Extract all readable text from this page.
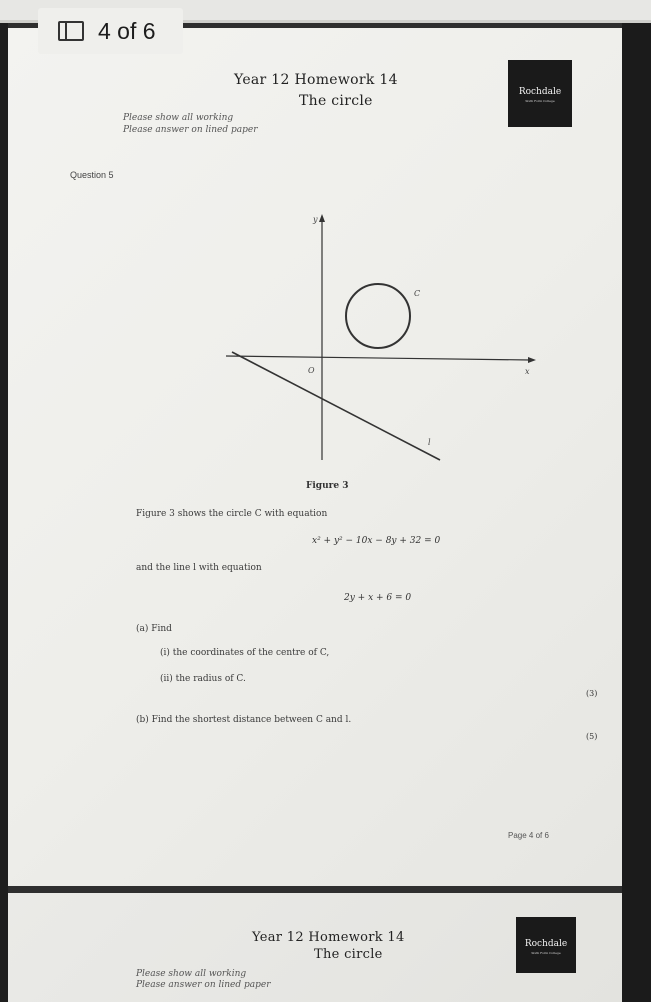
4 of 6
Year 12 Homework 14
The circle
Please show all working
Please answer on lined paper
Rochdale
Sixth Form College
Question 5
y
x
O
C
l
Figure 3
Figure 3 shows the circle C with equation
x² + y² − 10x − 8y + 32 = 0
and the line l with equation
2y + x + 6 = 0
(a) Find
(i) the coordinates of the centre of C,
(ii) the radius of C.
(3)
(b) Find the shortest distance between C and l.
(5)
Page 4 of 6
Year 12 Homework 14
The circle
Please show all working
Please answer on lined paper
Rochdale
Sixth Form College
